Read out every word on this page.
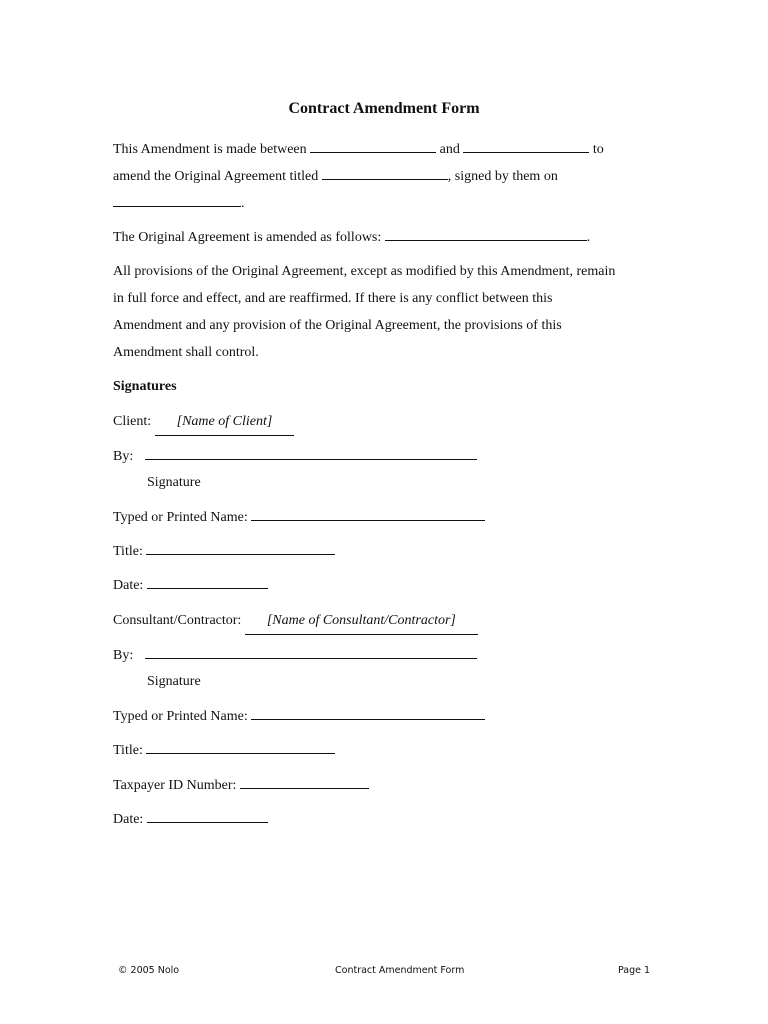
Contract Amendment Form
This Amendment is made between	and	to
amend the Original Agreement titled	, signed by them on
.
The Original Agreement is amended as follows:	.
All provisions of the Original Agreement, except as modified by this Amendment, remain
in full force and effect, and are reaffirmed. If there is any conflict between this
Amendment and any provision of the Original Agreement, the provisions of this
Amendment shall control.
Signatures
Client: [Name of Client]
By:
Signature
Typed or Printed Name:
Title:
Date:
Consultant/Contractor: [Name of Consultant/Contractor]
By:
Signature
Typed or Printed Name:
Title:
Taxpayer ID Number:
Date:
© 2005 Nolo	Contract Amendment Form	Page 1
